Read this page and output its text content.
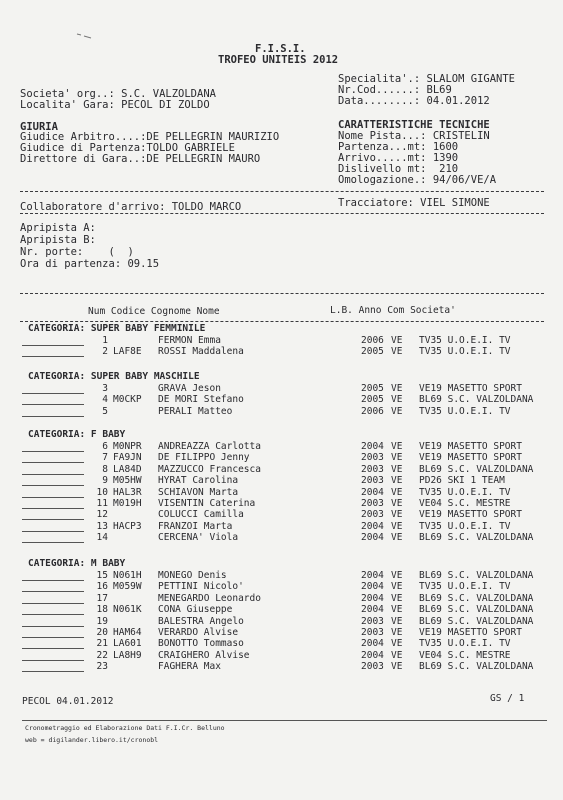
F.I.S.I.
TROFEO UNITEIS 2012
Specialita'.: SLALOM GIGANTE
Nr.Cod......: BL69
Societa' org..: S.C. VALZOLDANA
Data........: 04.01.2012
Localita' Gara: PECOL DI ZOLDO
GIURIA	CARATTERISTICHE TECNICHE
Giudice Arbitro....:DE PELLEGRIN MAURIZIO
Giudice di Partenza:TOLDO GABRIELE
Direttore di Gara..:DE PELLEGRIN MAURO
Nome Pista...: CRISTELIN
Partenza...mt: 1600
Arrivo.....mt: 1390
Dislivello mt:  210
Omologazione.: 94/06/VE/A
Collaboratore d'arrivo: TOLDO MARCO	Tracciatore: VIEL SIMONE
Apripista A:
Apripista B:
Nr. porte:    (  )
Ora di partenza: 09.15
Num Codice Cognome Nome	L.B. Anno Com Societa'
CATEGORIA: SUPER BABY FEMMINILE
1	FERMON Emma	2006 VE TV35 U.O.E.I. TV
2 LAF8E ROSSI Maddalena	2005 VE TV35 U.O.E.I. TV
CATEGORIA: SUPER BABY MASCHILE
3	GRAVA Jeson	2005 VE VE19 MASETTO SPORT
4 M0CKP DE MORI Stefano	2005 VE BL69 S.C. VALZOLDANA
5	PERALI Matteo	2006 VE TV35 U.O.E.I. TV
CATEGORIA: F BABY
6 M0NPR ANDREAZZA Carlotta	2004 VE VE19 MASETTO SPORT
7 FA9JN DE FILIPPO Jenny	2003 VE VE19 MASETTO SPORT
8 LA84D MAZZUCCO Francesca	2003 VE BL69 S.C. VALZOLDANA
9 M05HW HYRAT Carolina	2003 VE PD26 SKI 1 TEAM
10 HAL3R SCHIAVON Marta	2004 VE TV35 U.O.E.I. TV
11 M019H VISENTIN Caterina	2003 VE VE04 S.C. MESTRE
12	COLUCCI Camilla	2003 VE VE19 MASETTO SPORT
13 HACP3 FRANZOI Marta	2004 VE TV35 U.O.E.I. TV
14	CERCENA' Viola	2004 VE BL69 S.C. VALZOLDANA
CATEGORIA: M BABY
15 N061H MONEGO Denis	2004 VE BL69 S.C. VALZOLDANA
16 M059W PETTINI Nicolo'	2004 VE TV35 U.O.E.I. TV
17	MENEGARDO Leonardo	2004 VE BL69 S.C. VALZOLDANA
18 N061K CONA Giuseppe	2004 VE BL69 S.C. VALZOLDANA
19	BALESTRA Angelo	2003 VE BL69 S.C. VALZOLDANA
20 HAM64 VERARDO Alvise	2003 VE VE19 MASETTO SPORT
21 LA601 BONOTTO Tommaso	2004 VE TV35 U.O.E.I. TV
22 LA8H9 CRAIGHERO Alvise	2004 VE VE04 S.C. MESTRE
23	FAGHERA Max	2003 VE BL69 S.C. VALZOLDANA
PECOL 04.01.2012	GS / 1
Cronometraggio ed Elaborazione Dati F.I.Cr. Belluno
web = digilander.libero.it/cronobl
